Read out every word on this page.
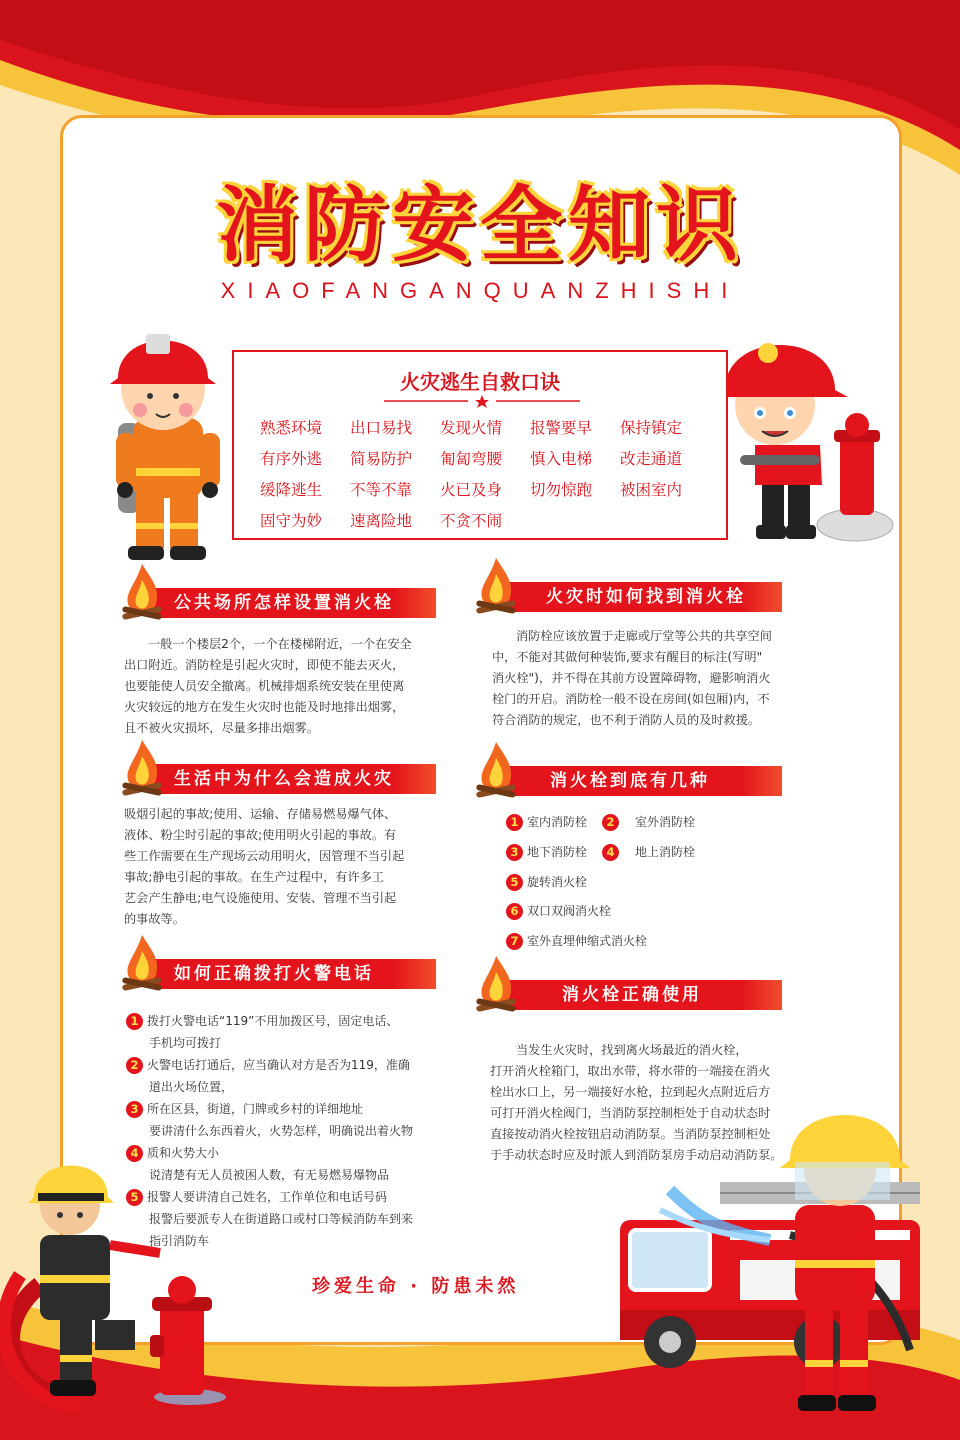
消防安全知识
XIAOFANGANQUANZHISHI
火灾逃生自救口诀
熟悉环境	出口易找	发现火情	报警要早	保持镇定
有序外逃	简易防护	匍匐弯腰	慎入电梯	改走通道
缓降逃生	不等不靠	火已及身	切勿惊跑	被困室内
固守为妙	速离险地	不贪不闹
公共场所怎样设置消火栓
生活中为什么会造成火灾
如何正确拨打火警电话
火灾时如何找到消火栓
消火栓到底有几种
消火栓正确使用
一般一个楼层2个，一个在楼梯附近，一个在安全
出口附近。消防栓是引起火灾时，即使不能去灭火，
也要能使人员安全撤离。机械排烟系统安装在里使离
火灾较远的地方在发生火灾时也能及时地排出烟雾，
且不被火灾损坏，尽量多排出烟雾。
吸烟引起的事故;使用、运输、存储易燃易爆气体、
液体、粉尘时引起的事故;使用明火引起的事故。有
些工作需要在生产现场云动用明火，因管理不当引起
事故;静电引起的事故。在生产过程中，有许多工
艺会产生静电;电气设施使用、安装、管理不当引起
的事故等。
消防栓应该放置于走廊或厅堂等公共的共享空间
中，不能对其做何种装饰,要求有醒目的标注(写明"
消火栓")，并不得在其前方设置障碍物，避影响消火
栓门的开启。消防栓一般不设在房间(如包厢)内，不
符合消防的规定，也不利于消防人员的及时救援。
当发生火灾时，找到离火场最近的消火栓，
打开消火栓箱门，取出水带，将水带的一端接在消火
栓出水口上，另一端接好水枪，拉到起火点附近后方
可打开消火栓阀门，当消防泵控制柜处于自动状态时
直接按动消火栓按钮启动消防泵。当消防泵控制柜处
于手动状态时应及时派人到消防泵房手动启动消防泵。
1 室内消防栓	2 室外消防栓
3 地下消防栓	4 地上消防栓
5 旋转消火栓
6 双口双阀消火栓
7 室外直埋伸缩式消火栓
1 拨打火警电话“119”不用加拨区号，固定电话、
手机均可拨打
2 火警电话打通后，应当确认对方是否为119，准确
道出火场位置，
3 所在区县，街道，门牌或乡村的详细地址
要讲清什么东西着火，火势怎样，明确说出着火物
4 质和火势大小
说清楚有无人员被困人数，有无易燃易爆物品
5 报警人要讲清自己姓名，工作单位和电话号码
报警后要派专人在街道路口或村口等候消防车到来
指引消防车
珍爱生命 · 防患未然
